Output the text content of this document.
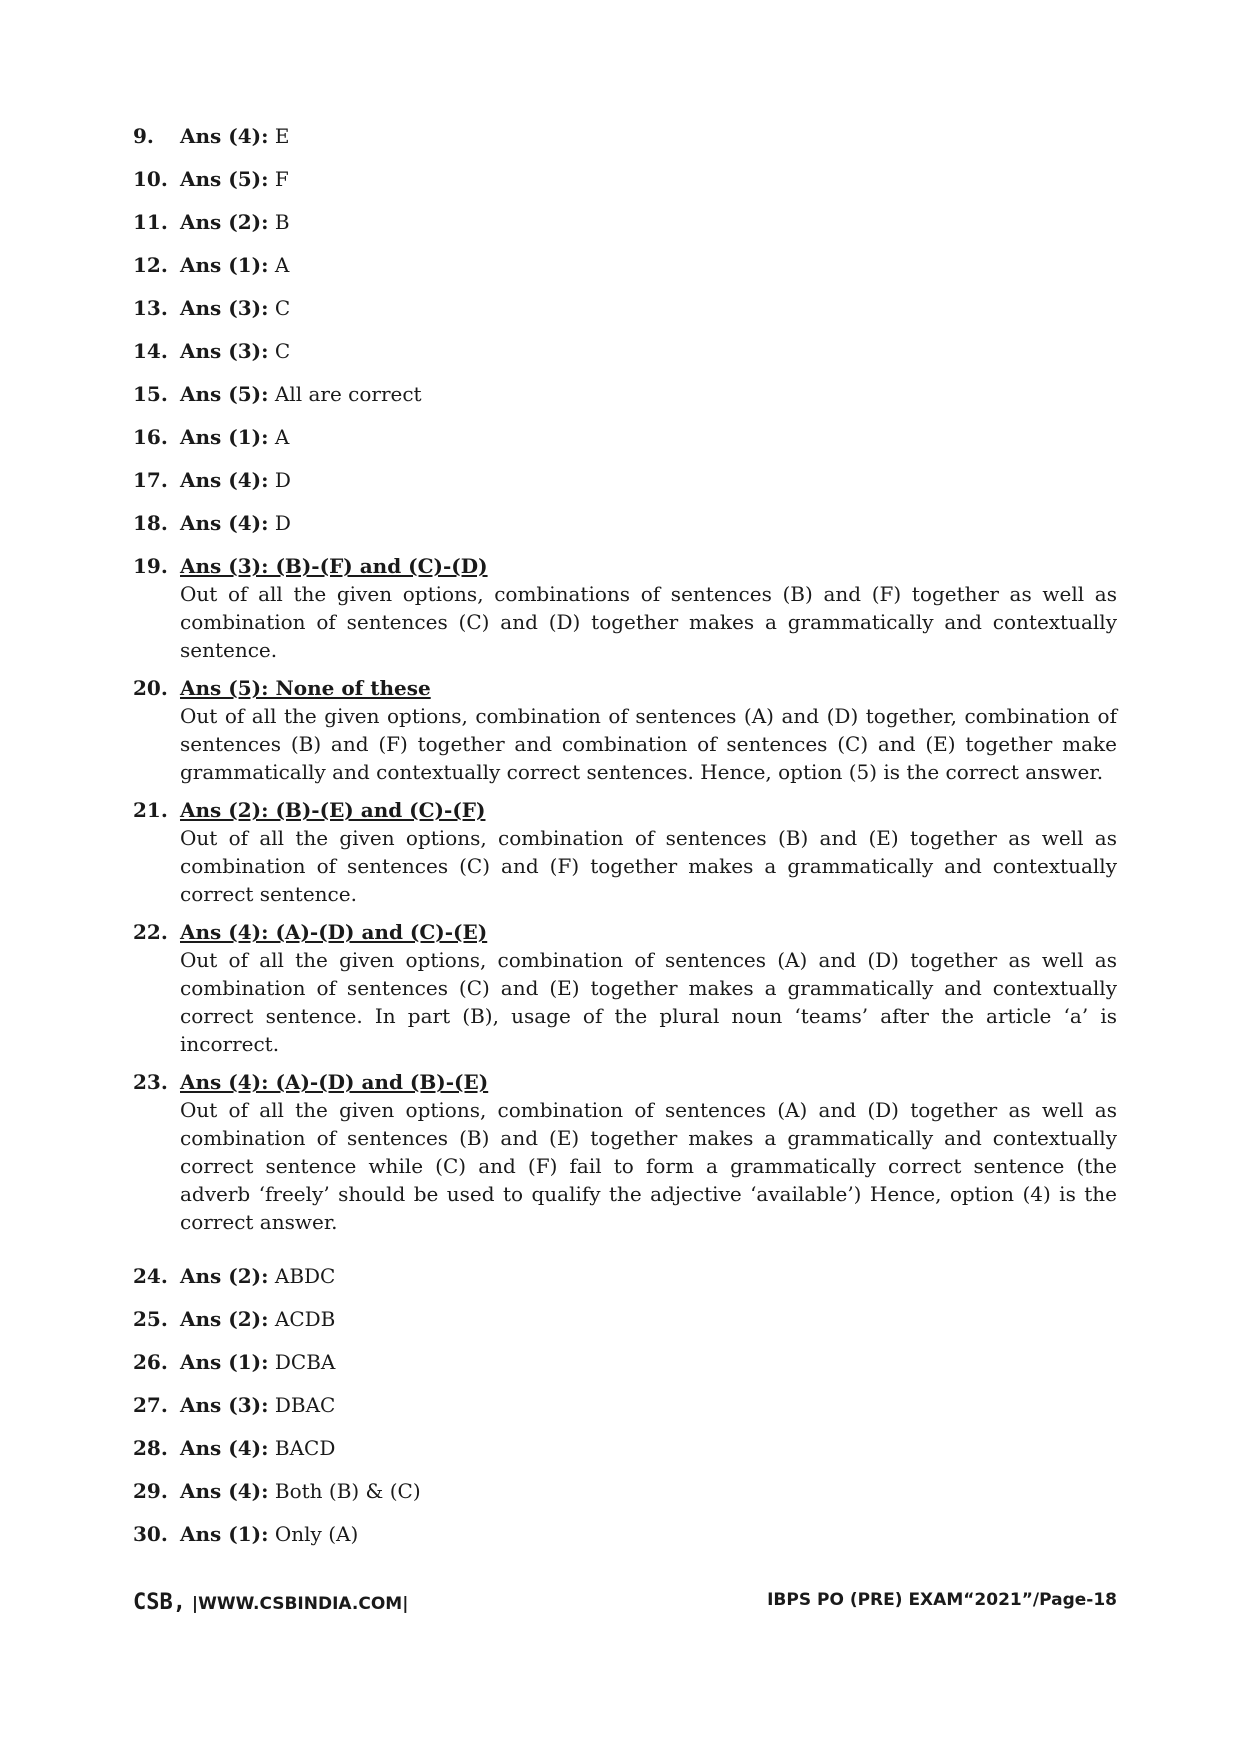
9. Ans (4): E
10. Ans (5): F
11. Ans (2): B
12. Ans (1): A
13. Ans (3): C
14. Ans (3): C
15. Ans (5): All are correct
16. Ans (1): A
17. Ans (4): D
18. Ans (4): D
19. Ans (3): (B)-(F) and (C)-(D)
Out of all the given options, combinations of sentences (B) and (F) together as well as combination of sentences (C) and (D) together makes a grammatically and contextually sentence.
20. Ans (5): None of these
Out of all the given options, combination of sentences (A) and (D) together, combination of sentences (B) and (F) together and combination of sentences (C) and (E) together make grammatically and contextually correct sentences. Hence, option (5) is the correct answer.
21. Ans (2): (B)-(E) and (C)-(F)
Out of all the given options, combination of sentences (B) and (E) together as well as combination of sentences (C) and (F) together makes a grammatically and contextually correct sentence.
22. Ans (4): (A)-(D) and (C)-(E)
Out of all the given options, combination of sentences (A) and (D) together as well as combination of sentences (C) and (E) together makes a grammatically and contextually correct sentence. In part (B), usage of the plural noun ‘teams’ after the article ‘a’ is incorrect.
23. Ans (4): (A)-(D) and (B)-(E)
Out of all the given options, combination of sentences (A) and (D) together as well as combination of sentences (B) and (E) together makes a grammatically and contextually correct sentence while (C) and (F) fail to form a grammatically correct sentence (the adverb ‘freely’ should be used to qualify the adjective ‘available’) Hence, option (4) is the correct answer.
24. Ans (2): ABDC
25. Ans (2): ACDB
26. Ans (1): DCBA
27. Ans (3): DBAC
28. Ans (4): BACD
29. Ans (4): Both (B) & (C)
30. Ans (1): Only (A)
CSB, |WWW.CSBINDIA.COM|	IBPS PO (PRE) EXAM“2021”/Page-18
